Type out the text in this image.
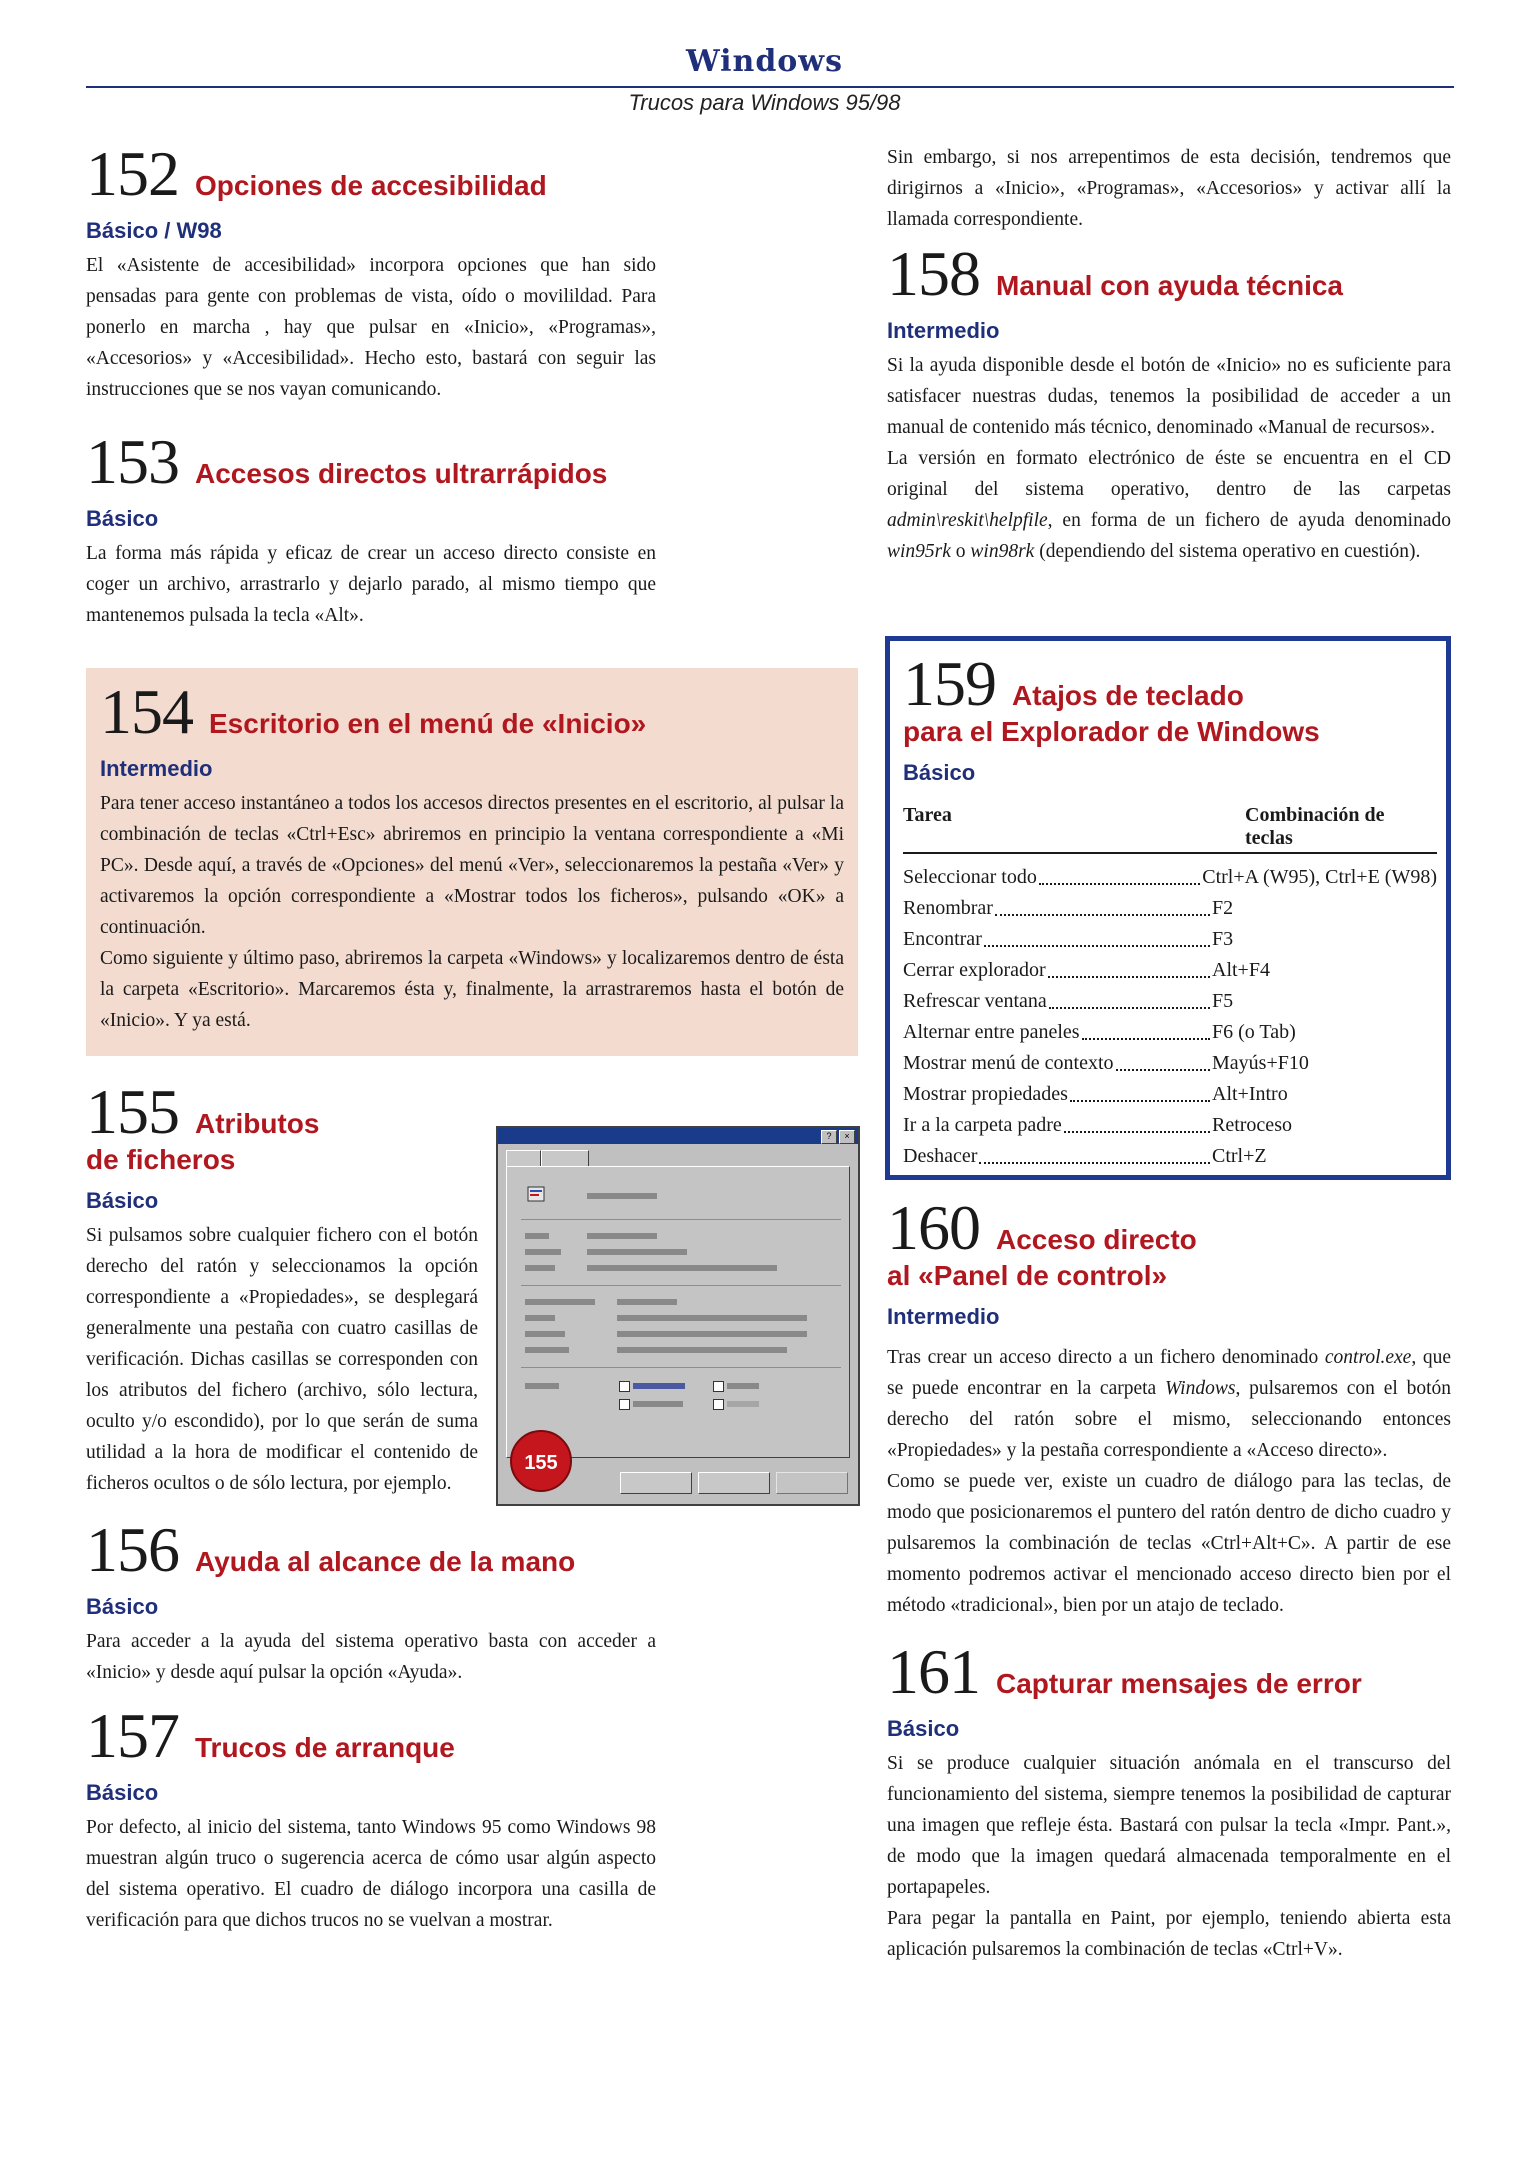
Windows
Trucos para Windows 95/98
152 Opciones de accesibilidad
Básico / W98
El «Asistente de accesibilidad» incorpora opciones que han sido pensadas para gente con problemas de vista, oído o movilildad. Para ponerlo en marcha , hay que pulsar en «Inicio», «Programas», «Accesorios» y «Accesibilidad». Hecho esto, bastará con seguir las instrucciones que se nos vayan comunicando.
153 Accesos directos ultrarrápidos
Básico
La forma más rápida y eficaz de crear un acceso directo consiste en coger un archivo, arrastrarlo y dejarlo parado, al mismo tiempo que mantenemos pulsada la tecla «Alt».
154 Escritorio en el menú de «Inicio»
Intermedio

Para tener acceso instantáneo a todos los accesos directos presentes en el escritorio, al pulsar la combinación de teclas «Ctrl+Esc» abriremos en principio la ventana correspondiente a «Mi PC». Desde aquí, a través de «Opciones» del menú «Ver», seleccionaremos la pestaña «Ver» y activaremos la opción correspondiente a «Mostrar todos los ficheros», pulsando «OK» a continuación.

Como siguiente y último paso, abriremos la carpeta «Windows» y localizaremos dentro de ésta la carpeta «Escritorio». Marcaremos ésta y, finalmente, la arrastraremos hasta el botón de «Inicio». Y ya está.

155 Atributos
de ficheros
Básico
Si pulsamos sobre cualquier fichero con el botón derecho del ratón y seleccionamos la opción correspondiente a «Propiedades», se desplegará generalmente una pestaña con cuatro casillas de verificación. Dichas casillas se corresponden con los atributos del fichero (archivo, sólo lectura, oculto y/o escondido), por lo que serán de suma utilidad a la hora de modificar el contenido de ficheros ocultos o de sólo lectura, por ejemplo.
?	×

155
156 Ayuda al alcance de la mano
Básico
Para acceder a la ayuda del sistema operativo basta con acceder a «Inicio» y desde aquí pulsar la opción «Ayuda».
157 Trucos de arranque
Básico
Por defecto, al inicio del sistema, tanto Windows 95 como Windows 98 muestran algún truco o sugerencia acerca de cómo usar algún aspecto del sistema operativo. El cuadro de diálogo incorpora una casilla de verificación para que dichos trucos no se vuelvan a mostrar.
Sin embargo, si nos arrepentimos de esta decisión, tendremos que dirigirnos a «Inicio», «Programas», «Accesorios» y activar allí la llamada correspondiente.
158 Manual con ayuda técnica
Intermedio

Si la ayuda disponible desde el botón de «Inicio» no es suficiente para satisfacer nuestras dudas, tenemos la posibilidad de acceder a un manual de contenido más técnico, denominado «Manual de recursos».

La versión en formato electrónico de éste se encuentra en el CD original del sistema operativo, dentro de las carpetas admin\reskit\helpfile, en forma de un fichero de ayuda denominado win95rk o win98rk (dependiendo del sistema operativo en cuestión).

159 Atajos de teclado
para el Explorador de Windows
Básico
Tarea	Combinación de teclas
Seleccionar todo	Ctrl+A (W95), Ctrl+E (W98)
Renombrar	F2
Encontrar	F3
Cerrar explorador	Alt+F4
Refrescar ventana	F5
Alternar entre paneles	F6 (o Tab)
Mostrar menú de contexto	Mayús+F10
Mostrar propiedades	Alt+Intro
Ir a la carpeta padre	Retroceso
Deshacer	Ctrl+Z
160 Acceso directo
al «Panel de control»
Intermedio

Tras crear un acceso directo a un fichero denominado control.exe, que se puede encontrar en la carpeta Windows, pulsaremos con el botón derecho del ratón sobre el mismo, seleccionando entonces «Propiedades» y la pestaña correspondiente a «Acceso directo».

Como se puede ver, existe un cuadro de diálogo para las teclas, de modo que posicionaremos el puntero del ratón dentro de dicho cuadro y pulsaremos la combinación de teclas «Ctrl+Alt+C». A partir de ese momento podremos activar el mencionado acceso directo bien por el método «tradicional», bien por un atajo de teclado.

161 Capturar mensajes de error
Básico

Si se produce cualquier situación anómala en el transcurso del funcionamiento del sistema, siempre tenemos la posibilidad de capturar una imagen que refleje ésta. Bastará con pulsar la tecla «Impr. Pant.», de modo que la imagen quedará almacenada temporalmente en el portapapeles.

Para pegar la pantalla en Paint, por ejemplo, teniendo abierta esta aplicación pulsaremos la combinación de teclas «Ctrl+V».
